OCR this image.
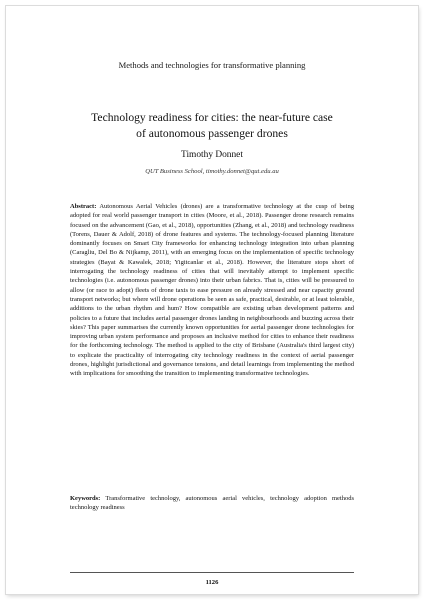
Methods and technologies for transformative planning
Technology readiness for cities: the near-future case
of autonomous passenger drones
Timothy Donnet
QUT Business School, timothy.donnet@qut.edu.au

Abstract: Autonomous Aerial Vehicles (drones) are a transformative technology at the cusp of being adopted for real world passenger transport in cities (Moore, et al., 2018). Passenger drone research remains focused on the advancement (Gao, et al., 2018), opportunities (Zhang, et al., 2018) and technology readiness (Torens, Dauer & Adolf, 2018) of drone features and systems. The technology-focused planning literature dominantly focuses on Smart City frameworks for enhancing technology integration into urban planning (Caragliu, Del Bo & Nijkamp, 2011), with an emerging focus on the implementation of specific technology strategies (Bayat & Kawalek, 2018; Yigitcanlar et al., 2018). However, the literature stops short of interrogating the technology readiness of cities that will inevitably attempt to implement specific technologies (i.e. autonomous passenger drones) into their urban fabrics. That is, cities will be pressured to allow (or race to adopt) fleets of drone taxis to ease pressure on already stressed and near capacity ground transport networks; but where will drone operations be seen as safe, practical, desirable, or at least tolerable, additions to the urban rhythm and hum? How compatible are existing urban development patterns and policies to a future that includes aerial passenger drones landing in neighbourhoods and buzzing across their skies? This paper summarises the currently known opportunities for aerial passenger drone technologies for improving urban system performance and proposes an inclusive method for cities to enhance their readiness for the forthcoming technology. The method is applied to the city of Brisbane (Australia's third largest city) to explicate the practicality of interrogating city technology readiness in the context of aerial passenger drones, highlight jurisdictional and governance tensions, and detail learnings from implementing the method with implications for smoothing the transition to implementing transformative technologies.

Keywords: Transformative technology, autonomous aerial vehicles, technology adoption methods technology readiness

1126
